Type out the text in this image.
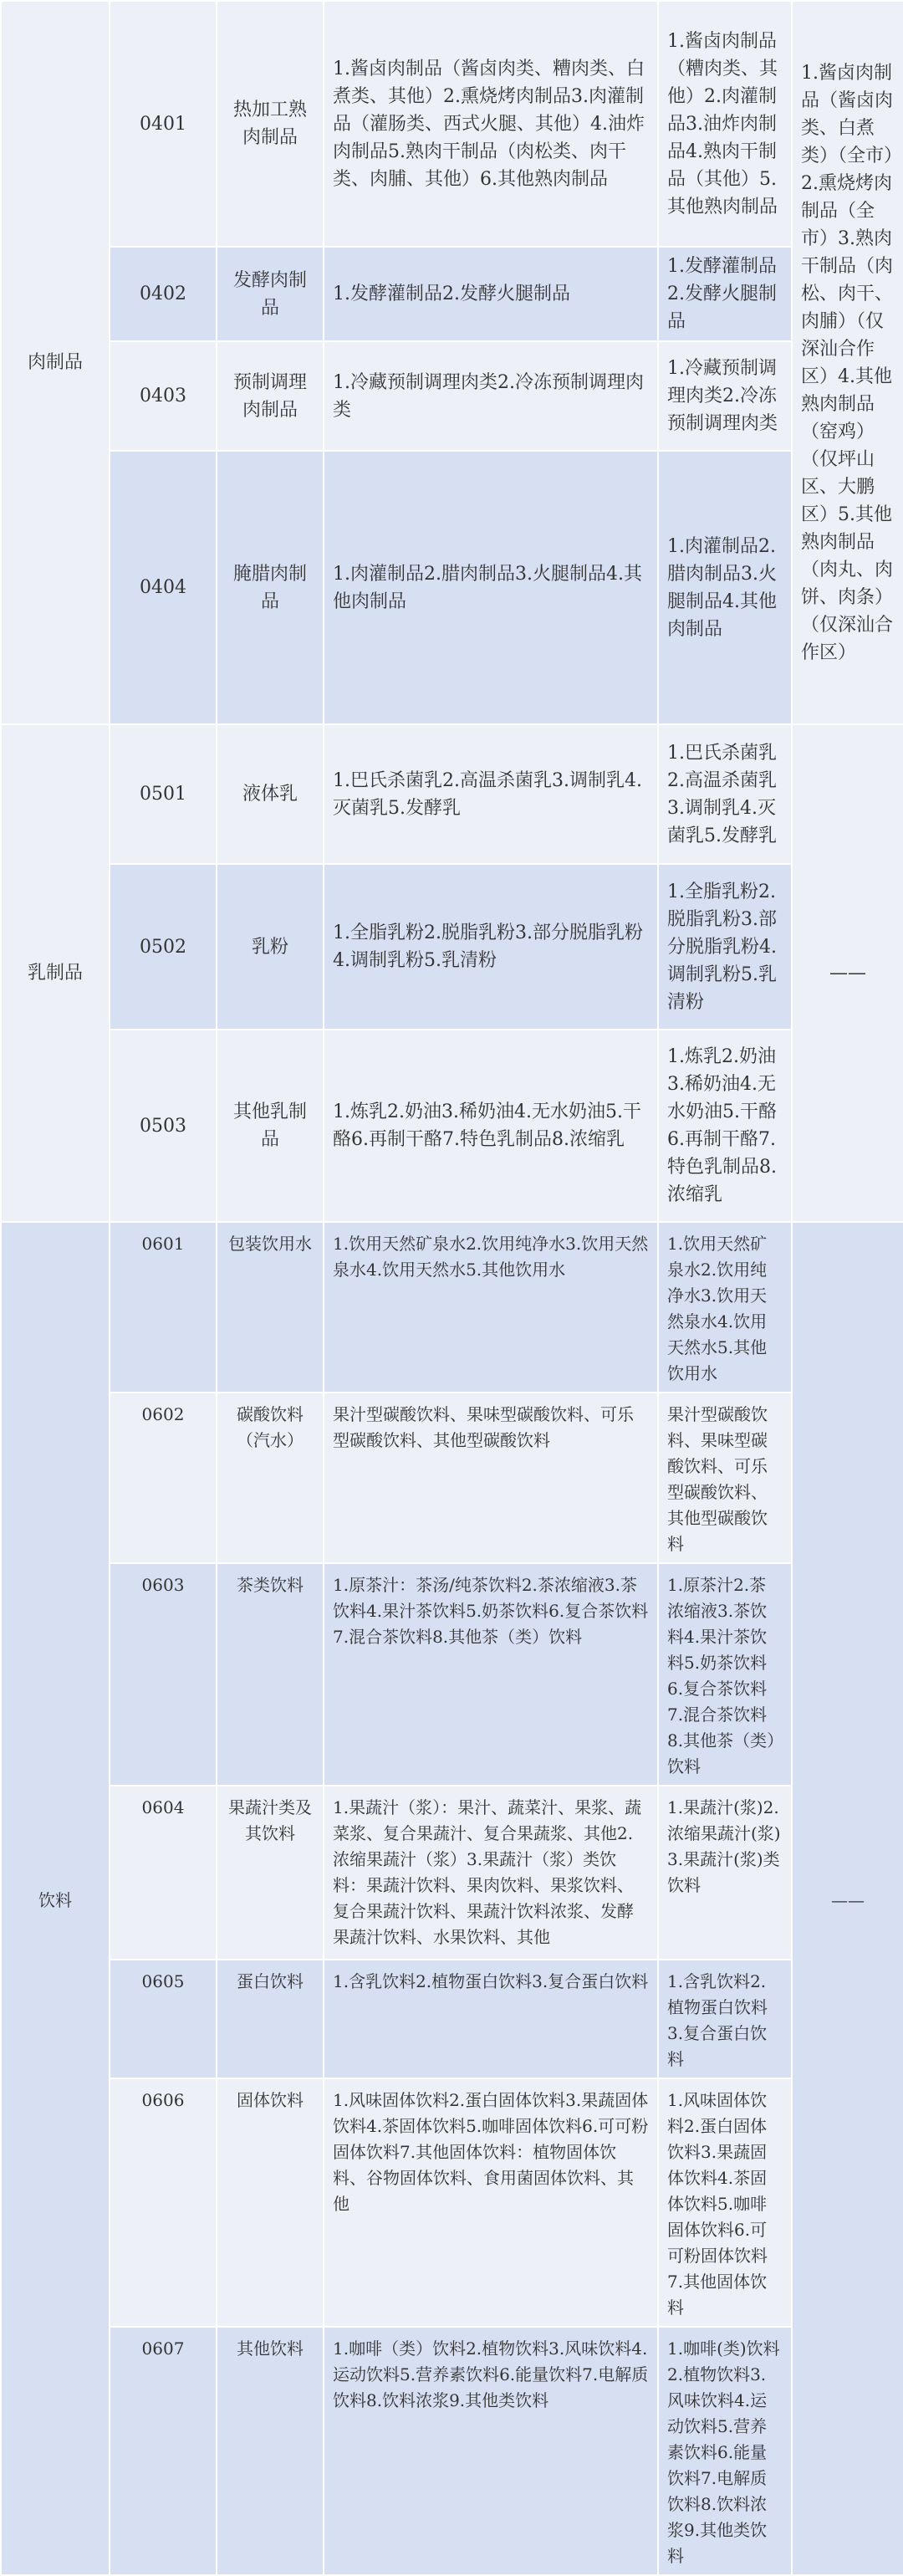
肉制品	0401	热加工熟肉制品	1.酱卤肉制品（酱卤肉类、糟肉类、白煮类、其他）2.熏烧烤肉制品3.肉灌制品（灌肠类、西式火腿、其他）4.油炸肉制品5.熟肉干制品（肉松类、肉干类、肉脯、其他）6.其他熟肉制品	1.酱卤肉制品（糟肉类、其他）2.肉灌制品3.油炸肉制品4.熟肉干制品（其他）5.其他熟肉制品	1.酱卤肉制品（酱卤肉类、白煮类）（全市）2.熏烧烤肉制品（全市）3.熟肉干制品（肉松、肉干、肉脯）（仅深汕合作区）4.其他熟肉制品（窑鸡）（仅坪山区、大鹏区）5.其他熟肉制品（肉丸、肉饼、肉条）（仅深汕合作区）
	0402	发酵肉制品	1.发酵灌制品2.发酵火腿制品	1.发酵灌制品2.发酵火腿制品	
	0403	预制调理肉制品	1.冷藏预制调理肉类2.冷冻预制调理肉类	1.冷藏预制调理肉类2.冷冻预制调理肉类	
	0404	腌腊肉制品	1.肉灌制品2.腊肉制品3.火腿制品4.其他肉制品	1.肉灌制品2.腊肉制品3.火腿制品4.其他肉制品	
乳制品	0501	液体乳	1.巴氏杀菌乳2.高温杀菌乳3.调制乳4.灭菌乳5.发酵乳	1.巴氏杀菌乳2.高温杀菌乳3.调制乳4.灭菌乳5.发酵乳	——
	0502	乳粉	1.全脂乳粉2.脱脂乳粉3.部分脱脂乳粉4.调制乳粉5.乳清粉	1.全脂乳粉2.脱脂乳粉3.部分脱脂乳粉4.调制乳粉5.乳清粉	
	0503	其他乳制品	1.炼乳2.奶油3.稀奶油4.无水奶油5.干酪6.再制干酪7.特色乳制品8.浓缩乳	1.炼乳2.奶油3.稀奶油4.无水奶油5.干酪6.再制干酪7.特色乳制品8.浓缩乳	
饮料	0601	包装饮用水	1.饮用天然矿泉水2.饮用纯净水3.饮用天然泉水4.饮用天然水5.其他饮用水	1.饮用天然矿泉水2.饮用纯净水3.饮用天然泉水4.饮用天然水5.其他饮用水	——
	0602	碳酸饮料（汽水）	果汁型碳酸饮料、果味型碳酸饮料、可乐型碳酸饮料、其他型碳酸饮料	果汁型碳酸饮料、果味型碳酸饮料、可乐型碳酸饮料、其他型碳酸饮料	
	0603	茶类饮料	1.原茶汁：茶汤/纯茶饮料2.茶浓缩液3.茶饮料4.果汁茶饮料5.奶茶饮料6.复合茶饮料7.混合茶饮料8.其他茶（类）饮料	1.原茶汁2.茶浓缩液3.茶饮料4.果汁茶饮料5.奶茶饮料6.复合茶饮料7.混合茶饮料8.其他茶（类）饮料	
	0604	果蔬汁类及其饮料	1.果蔬汁（浆）：果汁、蔬菜汁、果浆、蔬菜浆、复合果蔬汁、复合果蔬浆、其他2.浓缩果蔬汁（浆）3.果蔬汁（浆）类饮料：果蔬汁饮料、果肉饮料、果浆饮料、复合果蔬汁饮料、果蔬汁饮料浓浆、发酵果蔬汁饮料、水果饮料、其他	1.果蔬汁(浆)2.浓缩果蔬汁(浆)3.果蔬汁(浆)类饮料	
	0605	蛋白饮料	1.含乳饮料2.植物蛋白饮料3.复合蛋白饮料	1.含乳饮料2.植物蛋白饮料3.复合蛋白饮料	
	0606	固体饮料	1.风味固体饮料2.蛋白固体饮料3.果蔬固体饮料4.茶固体饮料5.咖啡固体饮料6.可可粉固体饮料7.其他固体饮料：植物固体饮料、谷物固体饮料、食用菌固体饮料、其他	1.风味固体饮料2.蛋白固体饮料3.果蔬固体饮料4.茶固体饮料5.咖啡固体饮料6.可可粉固体饮料7.其他固体饮料	
	0607	其他饮料	1.咖啡（类）饮料2.植物饮料3.风味饮料4.运动饮料5.营养素饮料6.能量饮料7.电解质饮料8.饮料浓浆9.其他类饮料	1.咖啡(类)饮料2.植物饮料3.风味饮料4.运动饮料5.营养素饮料6.能量饮料7.电解质饮料8.饮料浓浆9.其他类饮料	
